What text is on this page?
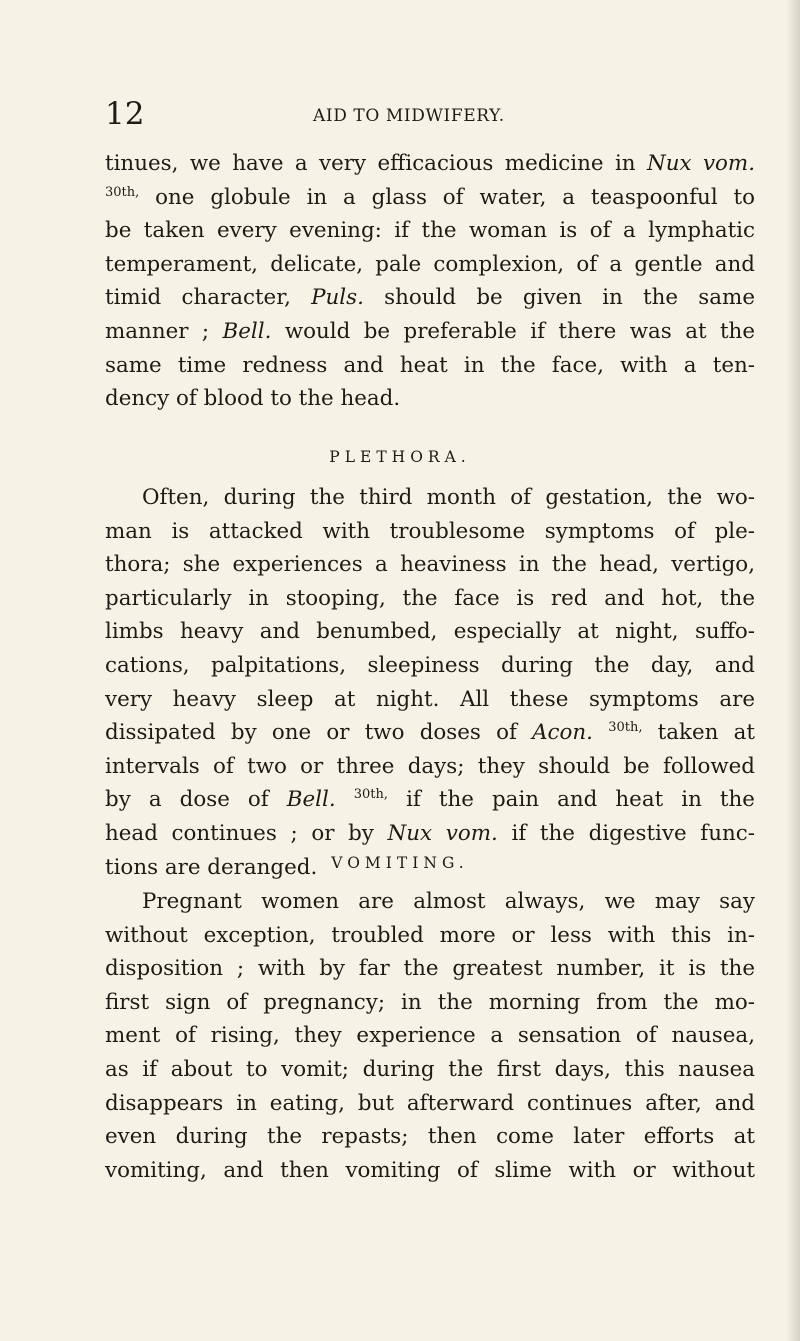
12	AID TO MIDWIFERY.
tinues, we have a very efficacious medicine in Nux vom.
$^{30th,}$ one globule in a glass of water, a teaspoonful to
be taken every evening: if the woman is of a lymphatic
temperament, delicate, pale complexion, of a gentle and
timid character, Puls. should be given in the same
manner ; Bell. would be preferable if there was at the
same time redness and heat in the face, with a ten-
dency of blood to the head.
PLETHORA.
Often, during the third month of gestation, the wo-
man is attacked with troublesome symptoms of ple-
thora; she experiences a heaviness in the head, vertigo,
particularly in stooping, the face is red and hot, the
limbs heavy and benumbed, especially at night, suffo-
cations, palpitations, sleepiness during the day, and
very heavy sleep at night. All these symptoms are
dissipated by one or two doses of Acon. $^{30th,}$ taken at
intervals of two or three days; they should be followed
by a dose of Bell. $^{30th,}$ if the pain and heat in the
head continues ; or by Nux vom. if the digestive func-
tions are deranged. VOMITING.
Pregnant women are almost always, we may say
without exception, troubled more or less with this in-
disposition ; with by far the greatest number, it is the
first sign of pregnancy; in the morning from the mo-
ment of rising, they experience a sensation of nausea,
as if about to vomit; during the first days, this nausea
disappears in eating, but afterward continues after, and
even during the repasts; then come later efforts at
vomiting, and then vomiting of slime with or without
